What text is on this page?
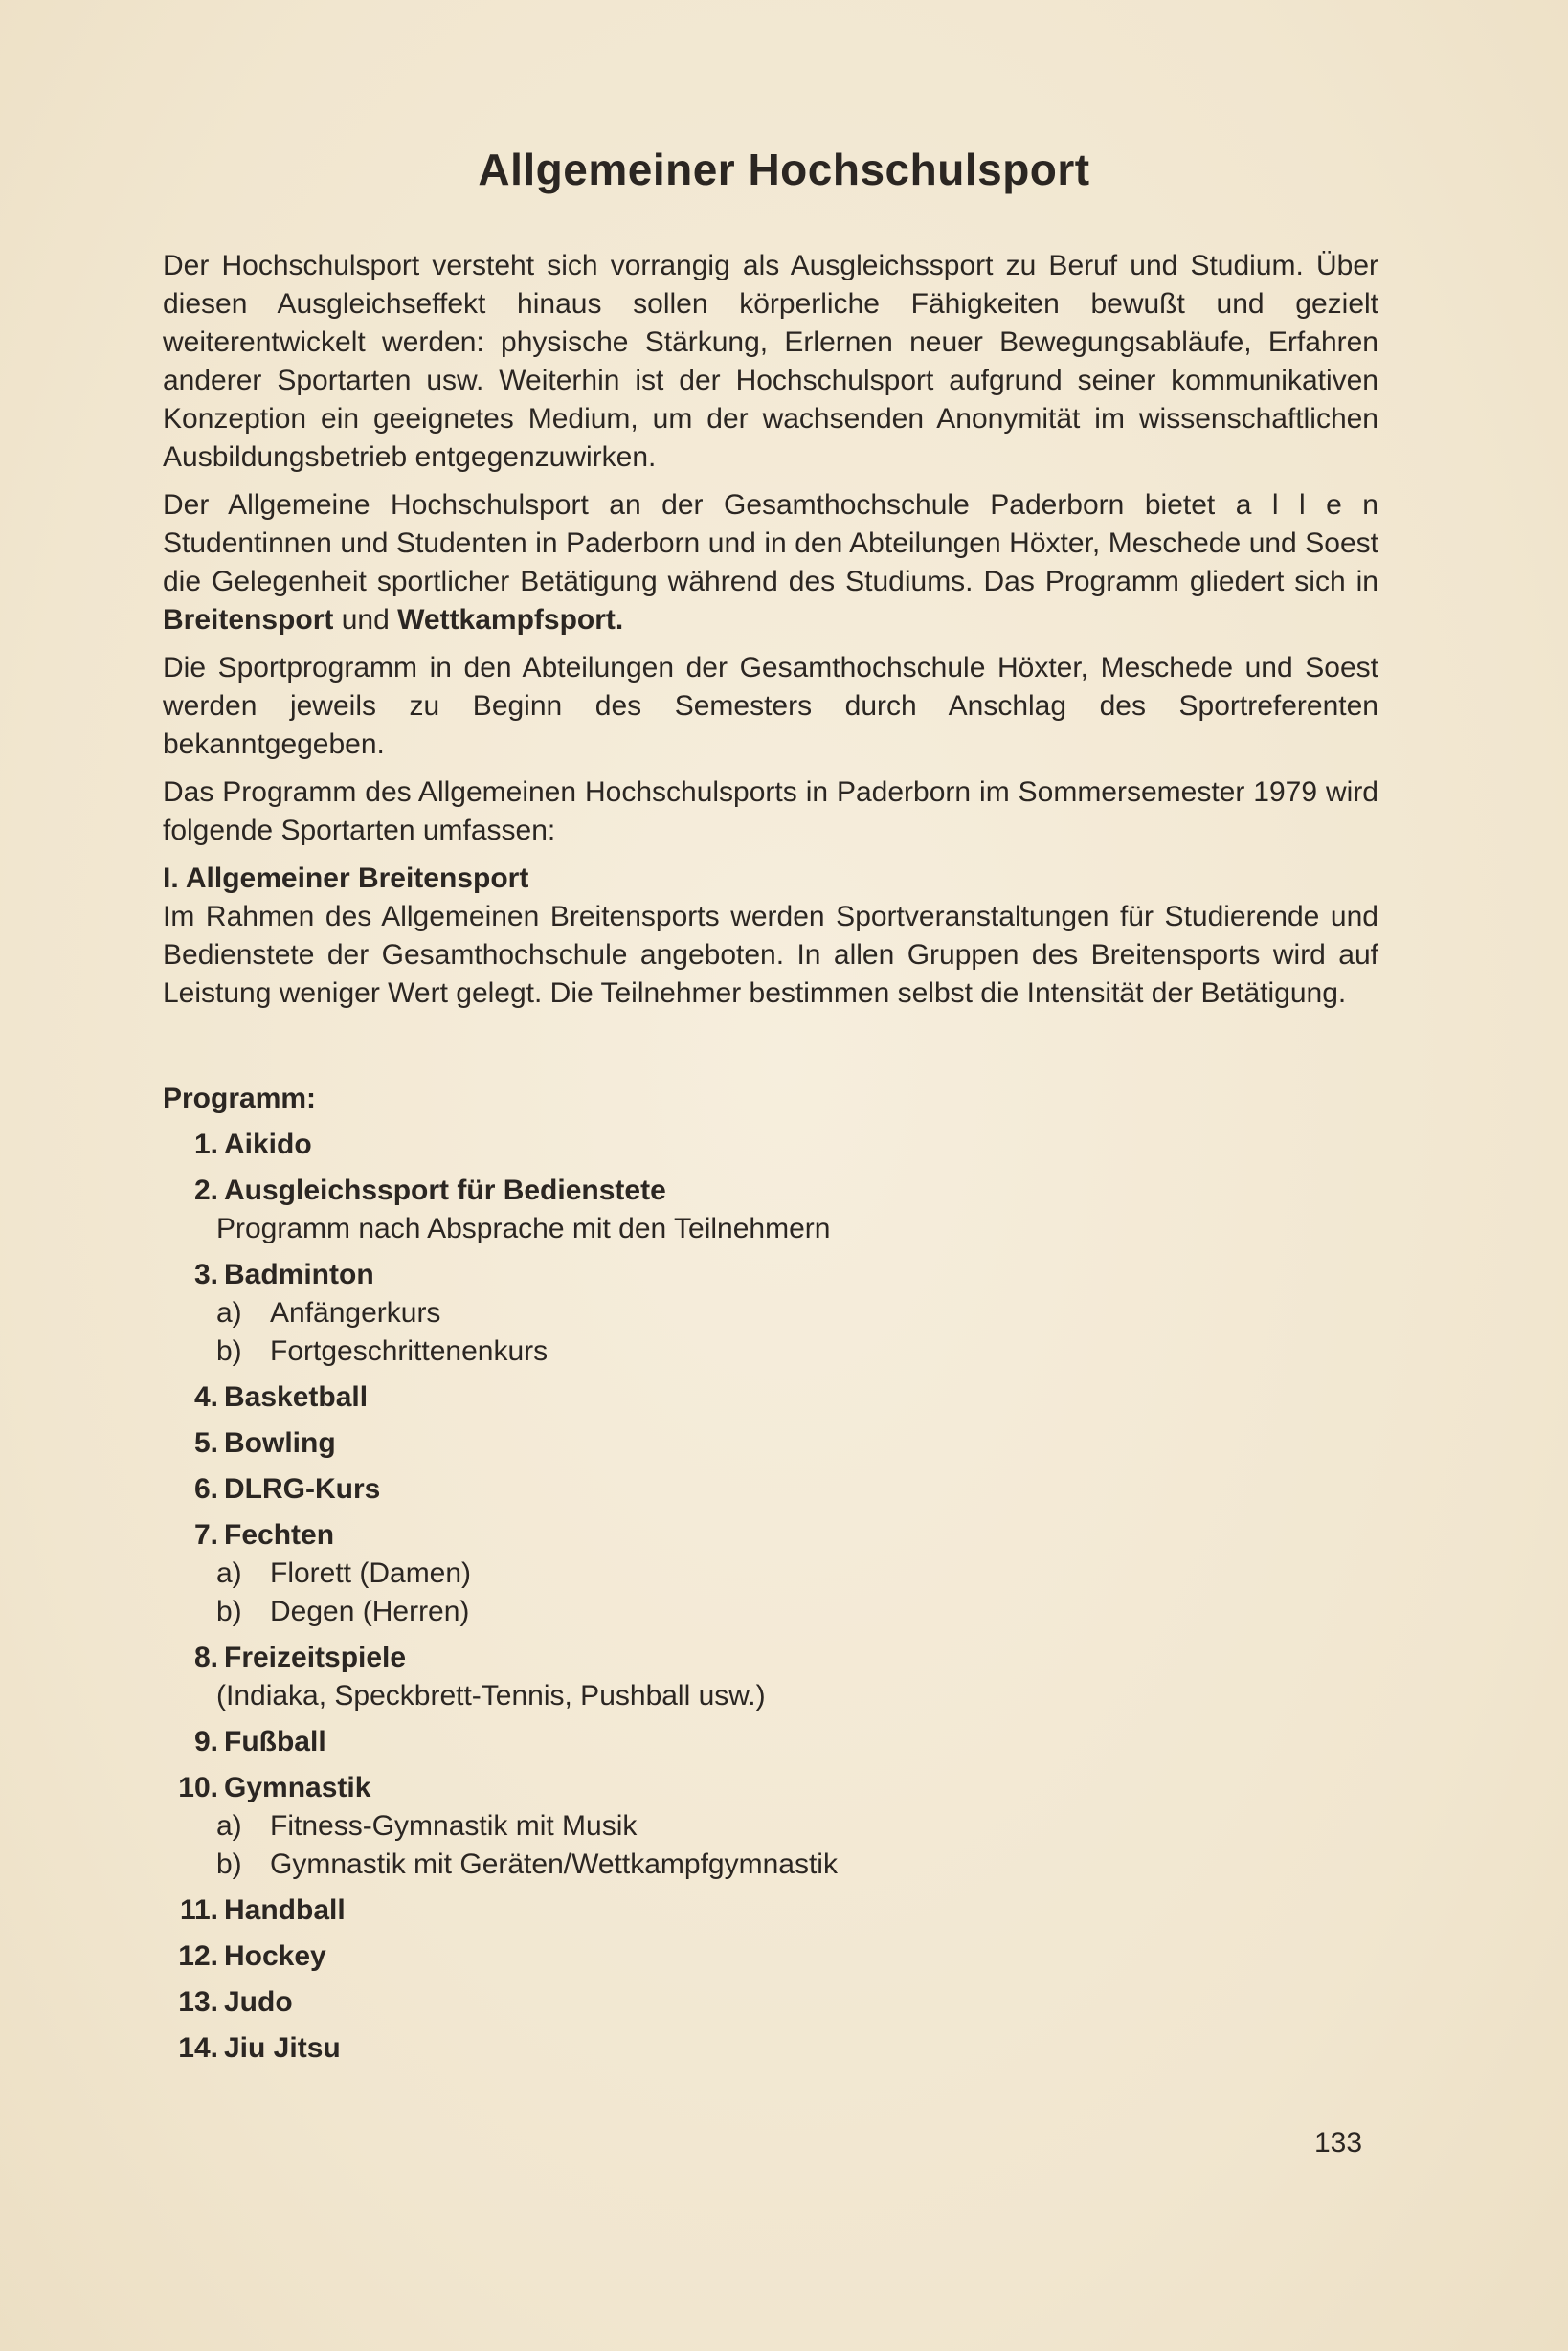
Allgemeiner Hochschulsport

Der Hochschulsport versteht sich vorrangig als Ausgleichssport zu Beruf und Studium. Über diesen Ausgleichseffekt hinaus sollen körperliche Fähigkeiten bewußt und gezielt weiterentwickelt werden: physische Stärkung, Erlernen neuer Bewegungsabläufe, Erfahren anderer Sportarten usw. Weiterhin ist der Hochschulsport aufgrund seiner kommunikativen Konzeption ein geeignetes Medium, um der wachsenden Anonymität im wissenschaftlichen Ausbildungsbetrieb entgegenzuwirken.

Der Allgemeine Hochschulsport an der Gesamthochschule Paderborn bietet a l l e n Studentinnen und Studenten in Paderborn und in den Abteilungen Höxter, Meschede und Soest die Gelegenheit sportlicher Betätigung während des Studiums. Das Programm gliedert sich in Breitensport und Wettkampfsport.

Die Sportprogramm in den Abteilungen der Gesamthochschule Höxter, Meschede und Soest werden jeweils zu Beginn des Semesters durch Anschlag des Sportreferenten bekanntgegeben.

Das Programm des Allgemeinen Hochschulsports in Paderborn im Sommersemester 1979 wird folgende Sportarten umfassen:

I. Allgemeiner Breitensport

Im Rahmen des Allgemeinen Breitensports werden Sportveranstaltungen für Studierende und Bedienstete der Gesamthochschule angeboten. In allen Gruppen des Breitensports wird auf Leistung weniger Wert gelegt. Die Teilnehmer bestimmen selbst die Intensität der Betätigung.

Programm:
1. Aikido
2. Ausgleichssport für Bedienstete
Programm nach Absprache mit den Teilnehmern
3. Badminton
a) Anfängerkurs
b) Fortgeschrittenenkurs
4. Basketball
5. Bowling
6. DLRG-Kurs
7. Fechten
a) Florett (Damen)
b) Degen (Herren)
8. Freizeitspiele
(Indiaka, Speckbrett-Tennis, Pushball usw.)
9. Fußball
10. Gymnastik
a) Fitness-Gymnastik mit Musik
b) Gymnastik mit Geräten/Wettkampfgymnastik
11. Handball
12. Hockey
13. Judo
14. Jiu Jitsu
133
